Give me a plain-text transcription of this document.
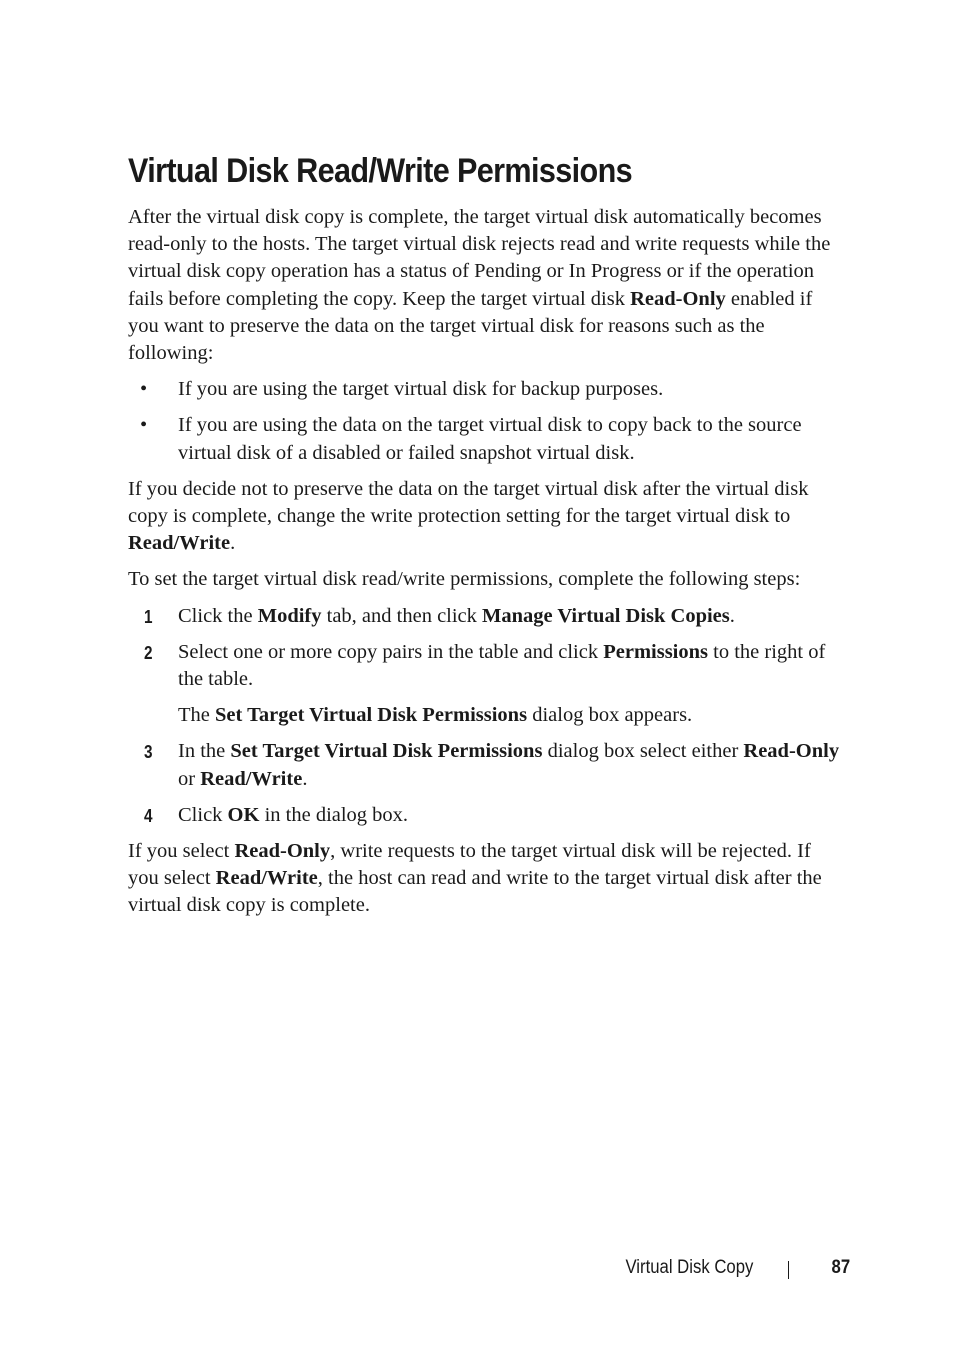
Virtual Disk Read/Write Permissions

After the virtual disk copy is complete, the target virtual disk automatically becomes read-only to the hosts. The target virtual disk rejects read and write requests while the virtual disk copy operation has a status of Pending or In Progress or if the operation fails before completing the copy. Keep the target virtual disk Read-Only enabled if you want to preserve the data on the target virtual disk for reasons such as the following:

• If you are using the target virtual disk for backup purposes.
• If you are using the data on the target virtual disk to copy back to the source virtual disk of a disabled or failed snapshot virtual disk.

If you decide not to preserve the data on the target virtual disk after the virtual disk copy is complete, change the write protection setting for the target virtual disk to Read/Write.

To set the target virtual disk read/write permissions, complete the following steps:

1 Click the Modify tab, and then click Manage Virtual Disk Copies.
2 Select one or more copy pairs in the table and click Permissions to the right of the table.
The Set Target Virtual Disk Permissions dialog box appears.
3 In the Set Target Virtual Disk Permissions dialog box select either Read-Only or Read/Write.
4 Click OK in the dialog box.

If you select Read-Only, write requests to the target virtual disk will be rejected. If you select Read/Write, the host can read and write to the target virtual disk after the virtual disk copy is complete.

Virtual Disk Copy	87
